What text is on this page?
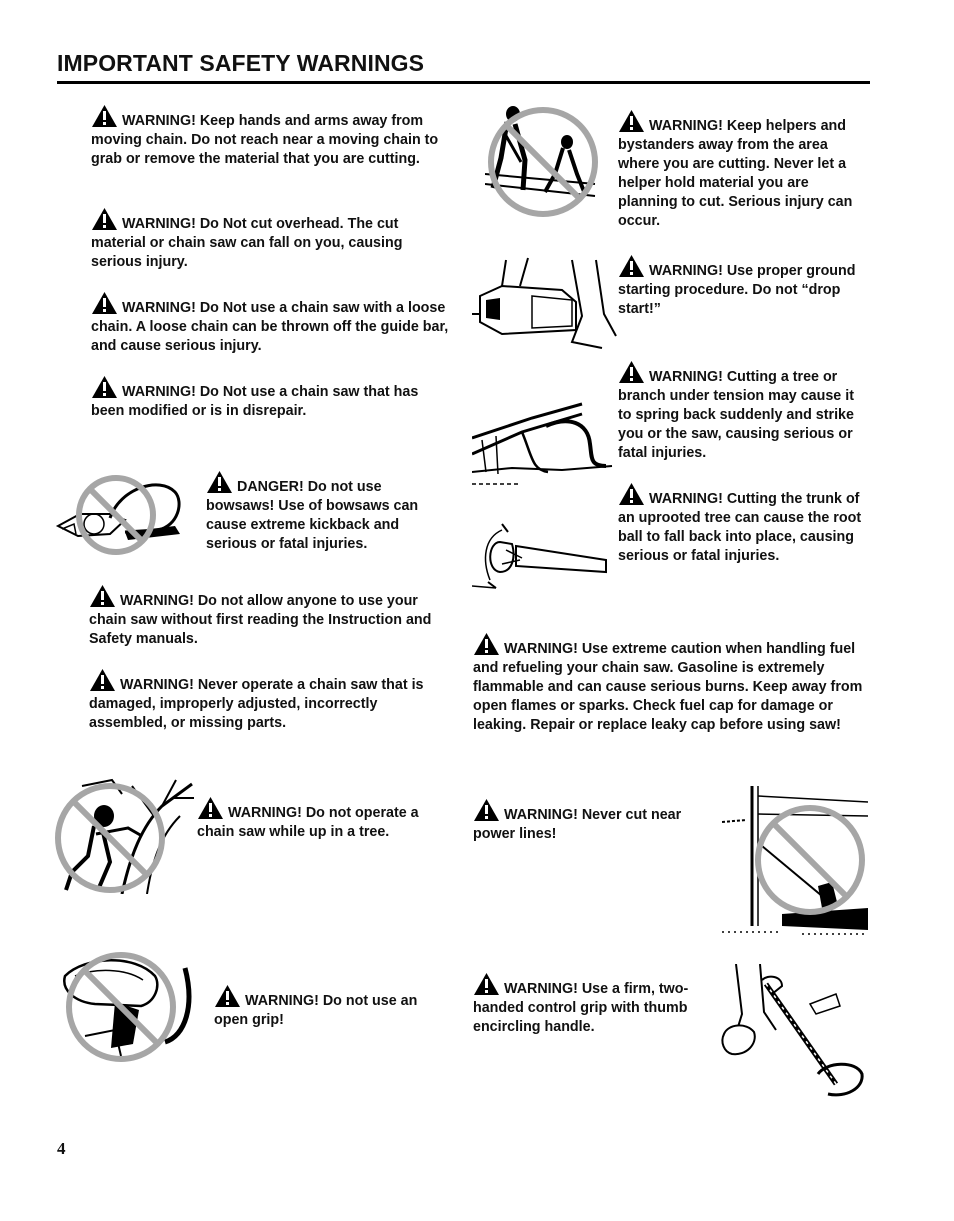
IMPORTANT SAFETY WARNINGS
WARNING! Keep hands and arms away from moving chain. Do not reach near a moving chain to grab or remove the material that you are cutting.
WARNING! Do Not cut overhead. The cut material or chain saw can fall on you, causing serious injury.
WARNING! Do Not use a chain saw with a loose chain. A loose chain can be thrown off the guide bar, and cause serious injury.
WARNING! Do Not use a chain saw that has been modified or is in disrepair.
DANGER! Do not use bowsaws! Use of bowsaws can cause extreme kickback and serious or fatal injuries.
WARNING! Do not allow anyone to use your chain saw without first reading the Instruction and Safety manuals.
WARNING! Never operate a chain saw that is damaged, improperly adjusted, incorrectly assembled, or missing parts.
WARNING! Do not operate a chain saw while up in a tree.
WARNING! Do not use an open grip!
WARNING! Keep helpers and bystanders away from the area where you are cutting. Never let a helper hold material you are planning to cut. Serious injury can occur.
WARNING! Use proper ground starting procedure. Do not “drop start!”
WARNING! Cutting a tree or branch under tension may cause it to spring back suddenly and strike you or the saw, causing serious or fatal injuries.
WARNING! Cutting the trunk of an uprooted tree can cause the root ball to fall back into place, causing serious or fatal injuries.
WARNING! Use extreme caution when handling fuel and refueling your chain saw. Gasoline is extremely flammable and can cause serious burns. Keep away from open flames or sparks. Check fuel cap for damage or leaking. Repair or replace leaky cap before using saw!
WARNING! Never cut near power lines!
WARNING! Use a firm, two-handed control grip with thumb encircling handle.
4
